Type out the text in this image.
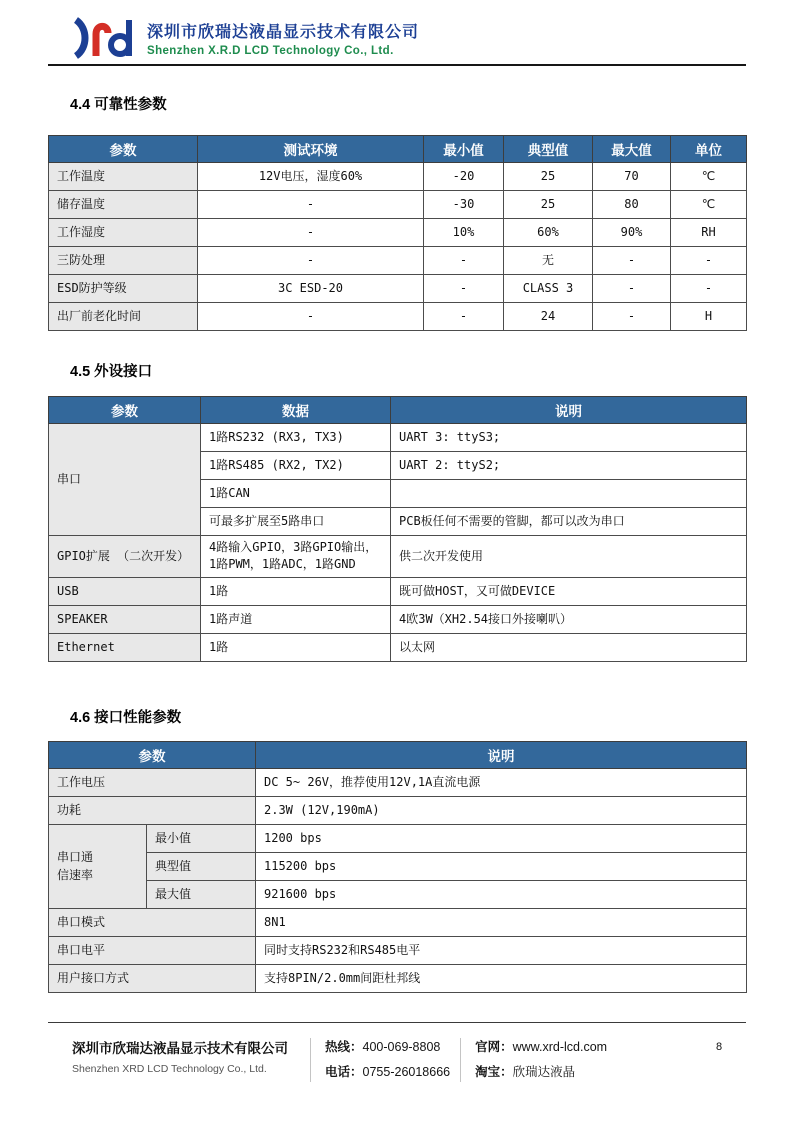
深圳市欣瑞达液晶显示技术有限公司
Shenzhen X.R.D LCD Technology Co., Ltd.
4.4 可靠性参数
参数	测试环境	最小值	典型值	最大值	单位
工作温度	12V电压，湿度60%	-20	25	70	℃
储存温度	-	-30	25	80	℃
工作湿度	-	10%	60%	90%	RH
三防处理	-	-	无	-	-
ESD防护等级	3C ESD-20	-	CLASS 3	-	-
出厂前老化时间	-	-	24	-	H
4.5 外设接口
参数	数据	说明
串口	1路RS232 (RX3, TX3)	UART 3: ttyS3;
	1路RS485 (RX2, TX2)	UART 2: ttyS2;
	1路CAN	
	可最多扩展至5路串口	PCB板任何不需要的管脚，都可以改为串口
GPIO扩展 （二次开发）	4路输入GPIO，3路GPIO输出，1路PWM，1路ADC，1路GND	供二次开发使用
USB	1路	既可做HOST，又可做DEVICE
SPEAKER	1路声道	4欧3W（XH2.54接口外接喇叭）
Ethernet	1路	以太网
4.6 接口性能参数
参数		说明
工作电压		DC 5~ 26V，推荐使用12V,1A直流电源
功耗		2.3W (12V,190mA)
串口通信速率	最小值	1200 bps
	典型值	115200 bps
	最大值	921600 bps
串口模式		8N1
串口电平		同时支持RS232和RS485电平
用户接口方式		支持8PIN/2.0mm间距杜邦线
深圳市欣瑞达液晶显示技术有限公司
Shenzhen XRD LCD Technology Co., Ltd.
热线：400-069-8808
电话：0755-26018666
官网：www.xrd-lcd.com
淘宝：欣瑞达液晶
8
